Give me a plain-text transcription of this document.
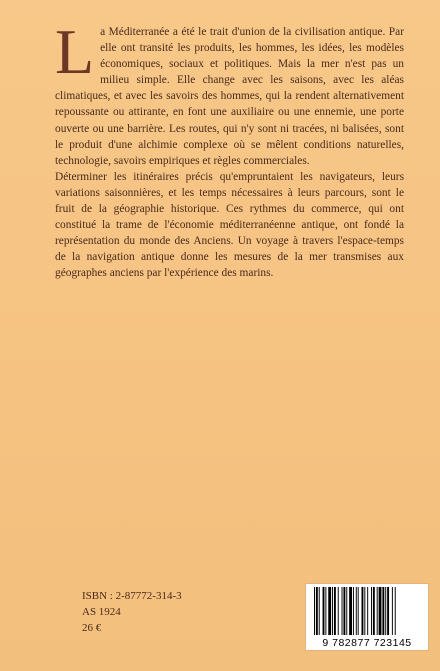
L a Méditerranée a été le trait d'union de la civilisation antique. Par elle ont transité les produits, les hommes, les idées, les modèles économiques, sociaux et politiques. Mais la mer n'est pas un milieu simple. Elle change avec les saisons, avec les aléas climatiques, et avec les savoirs des hommes, qui la rendent alternativement repoussante ou attirante, en font une auxiliaire ou une ennemie, une porte ouverte ou une barrière. Les routes, qui n'y sont ni tracées, ni balisées, sont le produit d'une alchimie complexe où se mêlent conditions naturelles, technologie, savoirs empiriques et règles commerciales.

Déterminer les itinéraires précis qu'empruntaient les navigateurs, leurs variations saisonnières, et les temps nécessaires à leurs parcours, sont le fruit de la géographie historique. Ces rythmes du commerce, qui ont constitué la trame de l'économie méditerranéenne antique, ont fondé la représentation du monde des Anciens. Un voyage à travers l'espace-temps de la navigation antique donne les mesures de la mer transmises aux géographes anciens par l'expérience des marins.

ISBN : 2-87772-314-3
AS 1924
26 €
9 782877 723145
